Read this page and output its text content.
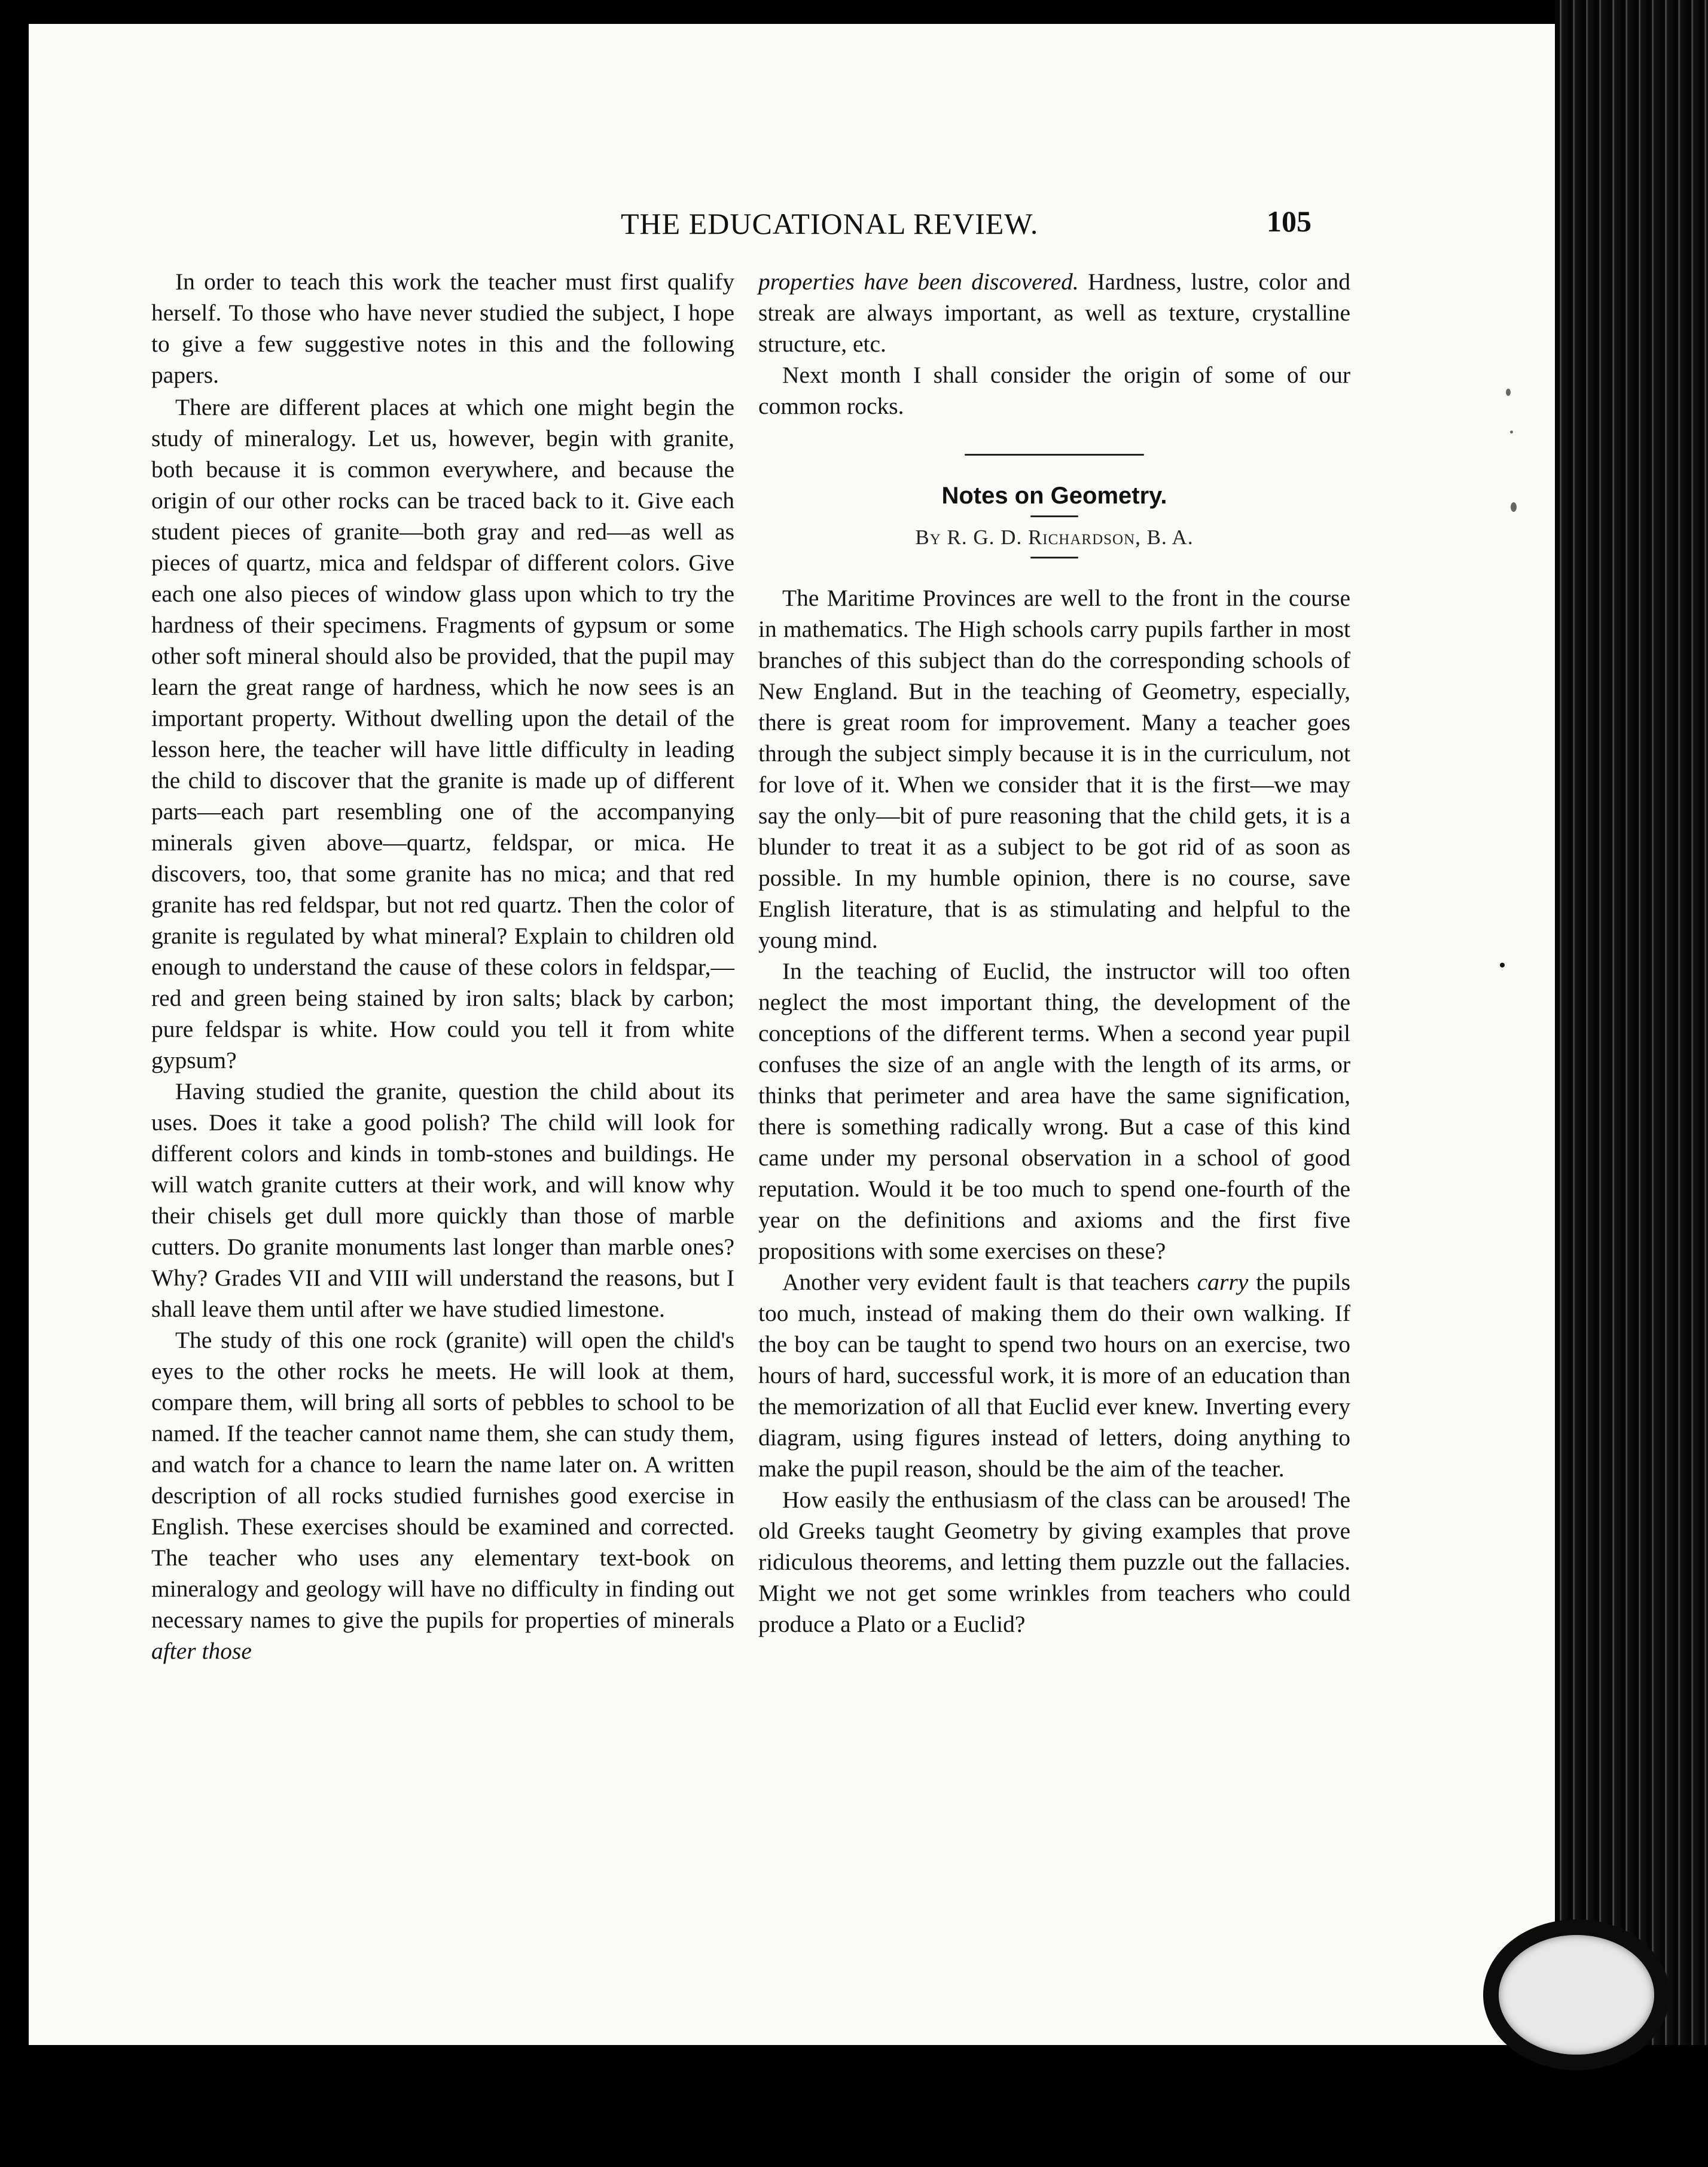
THE EDUCATIONAL REVIEW.	105

In order to teach this work the teacher must first qualify herself. To those who have never studied the subject, I hope to give a few suggestive notes in this and the following papers.

There are different places at which one might begin the study of mineralogy. Let us, however, begin with granite, both because it is common everywhere, and because the origin of our other rocks can be traced back to it. Give each student pieces of granite—both gray and red—as well as pieces of quartz, mica and feldspar of different colors. Give each one also pieces of window glass upon which to try the hardness of their specimens. Fragments of gypsum or some other soft mineral should also be provided, that the pupil may learn the great range of hardness, which he now sees is an important property. Without dwelling upon the detail of the lesson here, the teacher will have little difficulty in leading the child to discover that the granite is made up of different parts—each part resembling one of the accompanying minerals given above—quartz, feldspar, or mica. He discovers, too, that some granite has no mica; and that red granite has red feldspar, but not red quartz. Then the color of granite is regulated by what mineral? Explain to children old enough to understand the cause of these colors in feldspar,—red and green being stained by iron salts; black by carbon; pure feldspar is white. How could you tell it from white gypsum?

Having studied the granite, question the child about its uses. Does it take a good polish? The child will look for different colors and kinds in tomb-stones and buildings. He will watch granite cutters at their work, and will know why their chisels get dull more quickly than those of marble cutters. Do granite monuments last longer than marble ones? Why? Grades VII and VIII will understand the reasons, but I shall leave them until after we have studied limestone.

The study of this one rock (granite) will open the child's eyes to the other rocks he meets. He will look at them, compare them, will bring all sorts of pebbles to school to be named. If the teacher cannot name them, she can study them, and watch for a chance to learn the name later on. A written description of all rocks studied furnishes good exercise in English. These exercises should be examined and corrected. The teacher who uses any elementary text-book on mineralogy and geology will have no difficulty in finding out necessary names to give the pupils for properties of minerals after those

properties have been discovered. Hardness, lustre, color and streak are always important, as well as texture, crystalline structure, etc.

Next month I shall consider the origin of some of our common rocks.

Notes on Geometry.
By R. G. D. Richardson, B. A.

The Maritime Provinces are well to the front in the course in mathematics. The High schools carry pupils farther in most branches of this subject than do the corresponding schools of New England. But in the teaching of Geometry, especially, there is great room for improvement. Many a teacher goes through the subject simply because it is in the curriculum, not for love of it. When we consider that it is the first—we may say the only—bit of pure reasoning that the child gets, it is a blunder to treat it as a subject to be got rid of as soon as possible. In my humble opinion, there is no course, save English literature, that is as stimulating and helpful to the young mind.

In the teaching of Euclid, the instructor will too often neglect the most important thing, the development of the conceptions of the different terms. When a second year pupil confuses the size of an angle with the length of its arms, or thinks that perimeter and area have the same signification, there is something radically wrong. But a case of this kind came under my personal observation in a school of good reputation. Would it be too much to spend one-fourth of the year on the definitions and axioms and the first five propositions with some exercises on these?

Another very evident fault is that teachers carry the pupils too much, instead of making them do their own walking. If the boy can be taught to spend two hours on an exercise, two hours of hard, successful work, it is more of an education than the memorization of all that Euclid ever knew. Inverting every diagram, using figures instead of letters, doing anything to make the pupil reason, should be the aim of the teacher.

How easily the enthusiasm of the class can be aroused! The old Greeks taught Geometry by giving examples that prove ridiculous theorems, and letting them puzzle out the fallacies. Might we not get some wrinkles from teachers who could produce a Plato or a Euclid?
